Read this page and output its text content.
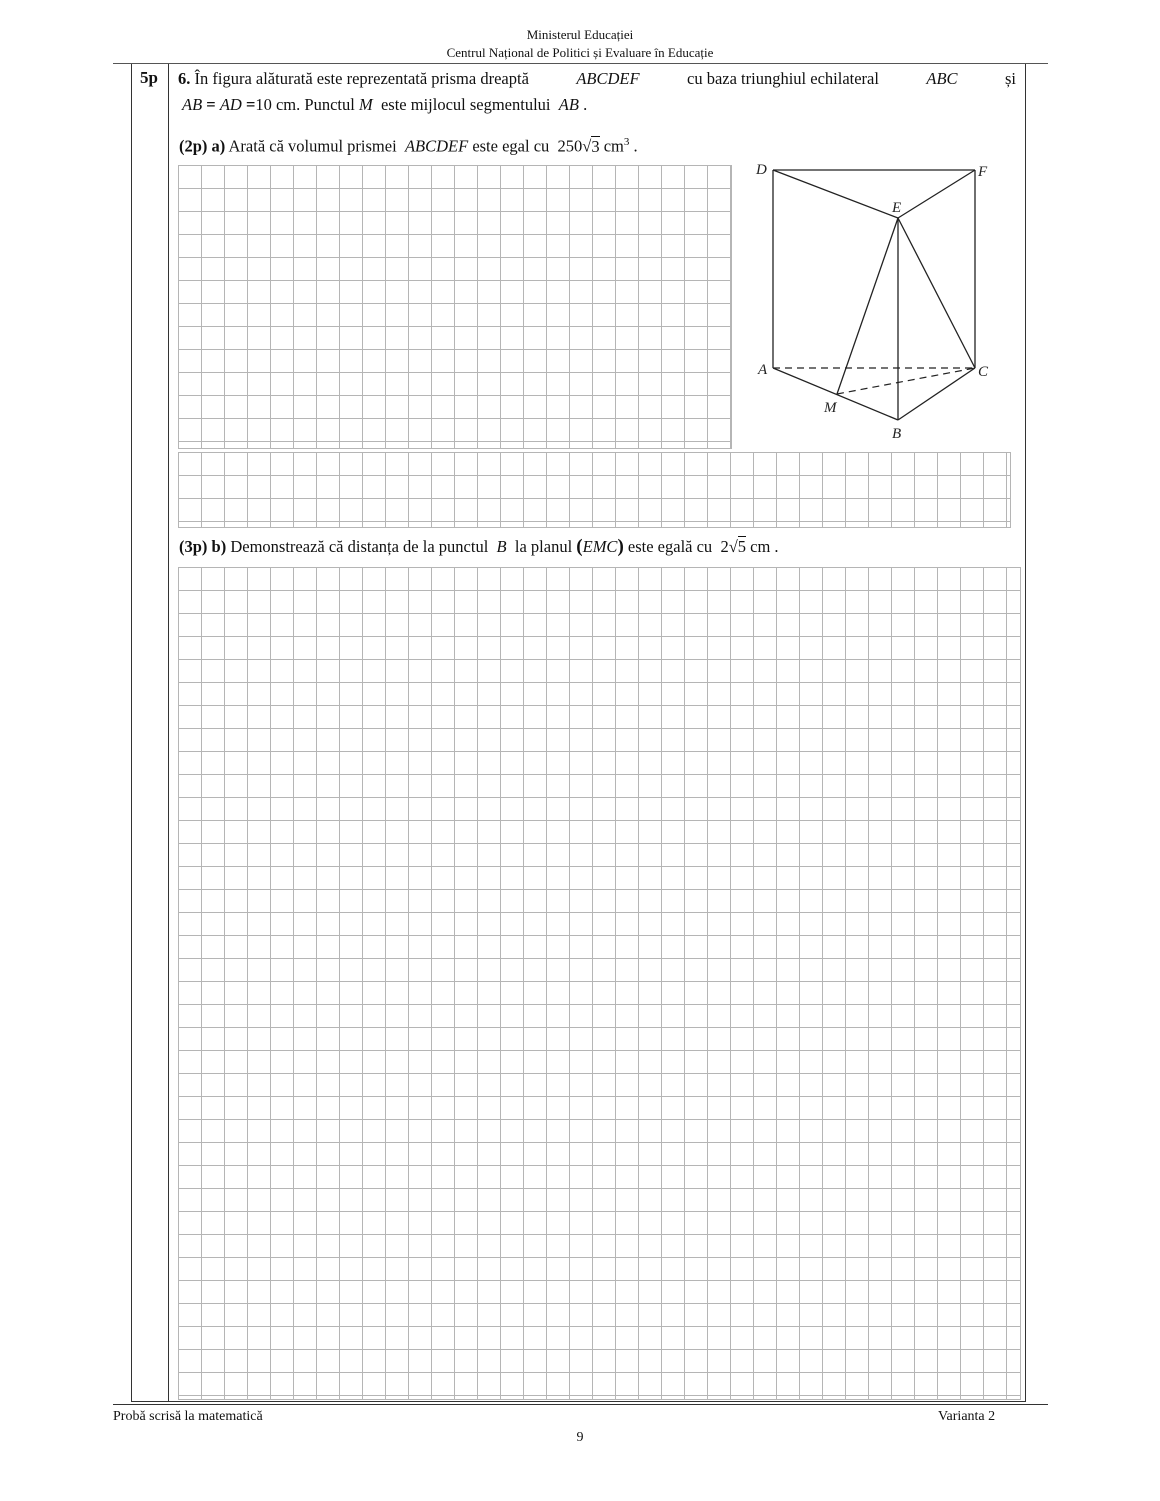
Ministerul Educației
Centrul Național de Politici și Evaluare în Educație
5p 6. În figura alăturată este reprezentată prisma dreaptă	ABCDEF	cu baza triunghiul echilateral	ABC	și
AB = AD =10 cm. Punctul M este mijlocul segmentului AB .
(2p) a) Arată că volumul prismei ABCDEF este egal cu 250√3 $cm^3$ .
D	F
E
A	C
M
B
(3p) b) Demonstrează că distanța de la punctul B la planul (EMC) este egală cu 2√5 cm .
Probă scrisă la matematică	Varianta 2
9
